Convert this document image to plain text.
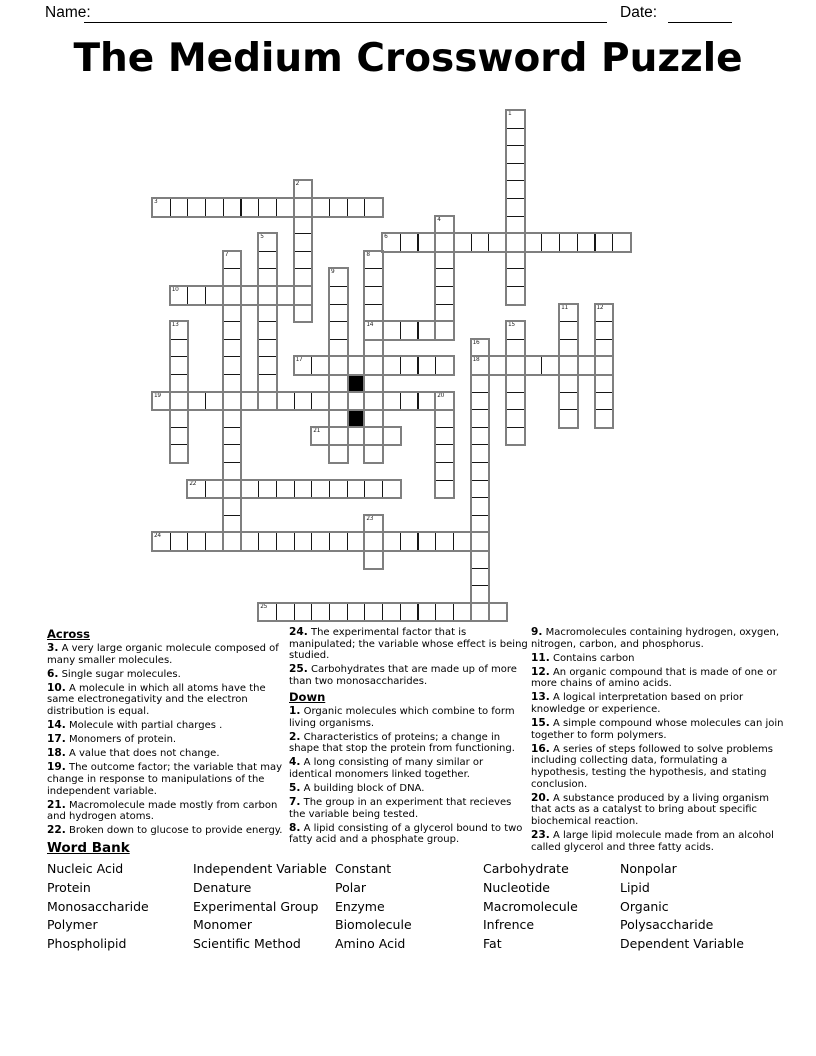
Name:	Date:
The Medium Crossword Puzzle
1
2
3
4
5	6
7	8
14
9
10
11	12
13	15
16
18
17
19	20
21
22
23
24
25
Across

3. A very large organic molecule composed of many smaller molecules.

6. Single sugar molecules.

10. A molecule in which all atoms have the same electronegativity and the electron distribution is equal.

14. Molecule with partial charges .

17. Monomers of protein.

18. A value that does not change.

19. The outcome factor; the variable that may change in response to manipulations of the independent variable.

21. Macromolecule made mostly from carbon and hydrogen atoms.

22. Broken down to glucose to provide energy.

24. The experimental factor that is manipulated; the variable whose effect is being studied.

25. Carbohydrates that are made up of more than two monosaccharides.

Down

1. Organic molecules which combine to form living organisms.

2. Characteristics of proteins; a change in shape that stop the protein from functioning.

4. A long consisting of many similar or identical monomers linked together.

5. A building block of DNA.

7. The group in an experiment that recieves the variable being tested.

8. A lipid consisting of a glycerol bound to two fatty acid and a phosphate group.

9. Macromolecules containing hydrogen, oxygen, nitrogen, carbon, and phosphorus.

11. Contains carbon

12. An organic compound that is made of one or more chains of amino acids.

13. A logical interpretation based on prior knowledge or experience.

15. A simple compound whose molecules can join together to form polymers.

16. A series of steps followed to solve problems including collecting data, formulating a hypothesis, testing the hypothesis, and stating conclusion.

20. A substance produced by a living organism that acts as a catalyst to bring about specific biochemical reaction.

23. A large lipid molecule made from an alcohol called glycerol and three fatty acids.

Word Bank
Nucleic Acid
Protein
Monosaccharide
Polymer
Phospholipid
Independent Variable
Denature
Experimental Group
Monomer
Scientific Method
Constant
Polar
Enzyme
Biomolecule
Amino Acid
Carbohydrate
Nucleotide
Macromolecule
Infrence
Fat
Nonpolar
Lipid
Organic
Polysaccharide
Dependent Variable
